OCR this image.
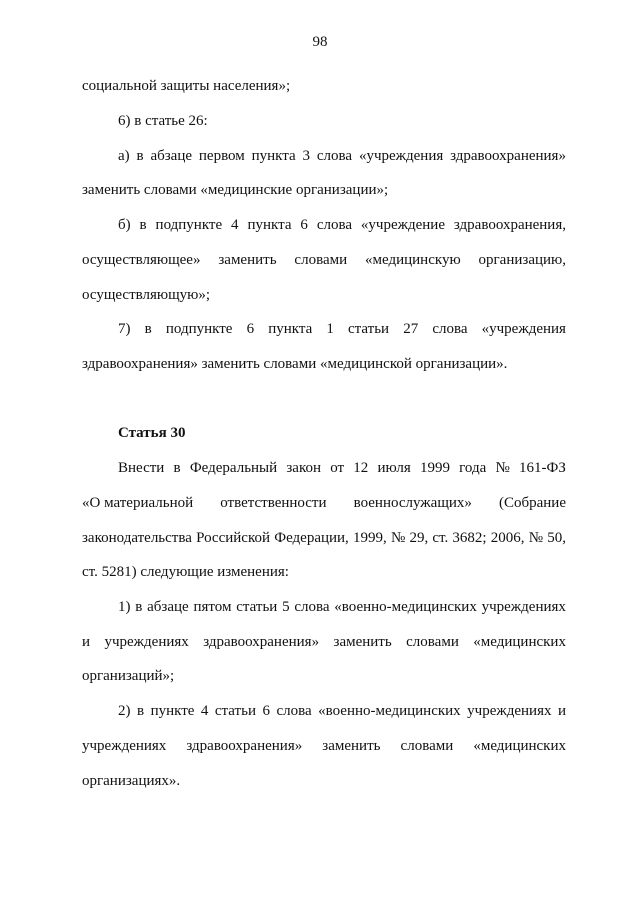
98
социальной защиты населения»;
6) в статье 26:
а) в абзаце первом пункта 3 слова «учреждения здравоохранения»
заменить словами «медицинские организации»;
б) в подпункте 4 пункта 6 слова «учреждение здравоохранения,
осуществляющее» заменить словами «медицинскую организацию,
осуществляющую»;
7) в подпункте 6 пункта 1 статьи 27 слова «учреждения
здравоохранения» заменить словами «медицинской организации».
Статья 30
Внести в Федеральный закон от 12 июля 1999 года № 161-ФЗ
«О материальной ответственности военнослужащих» (Собрание
законодательства Российской Федерации, 1999, № 29, ст. 3682; 2006, № 50,
ст. 5281) следующие изменения:
1) в абзаце пятом статьи 5 слова «военно-медицинских учреждениях
и учреждениях здравоохранения» заменить словами «медицинских
организаций»;
2) в пункте 4 статьи 6 слова «военно-медицинских учреждениях и
учреждениях здравоохранения» заменить словами «медицинских
организациях».
